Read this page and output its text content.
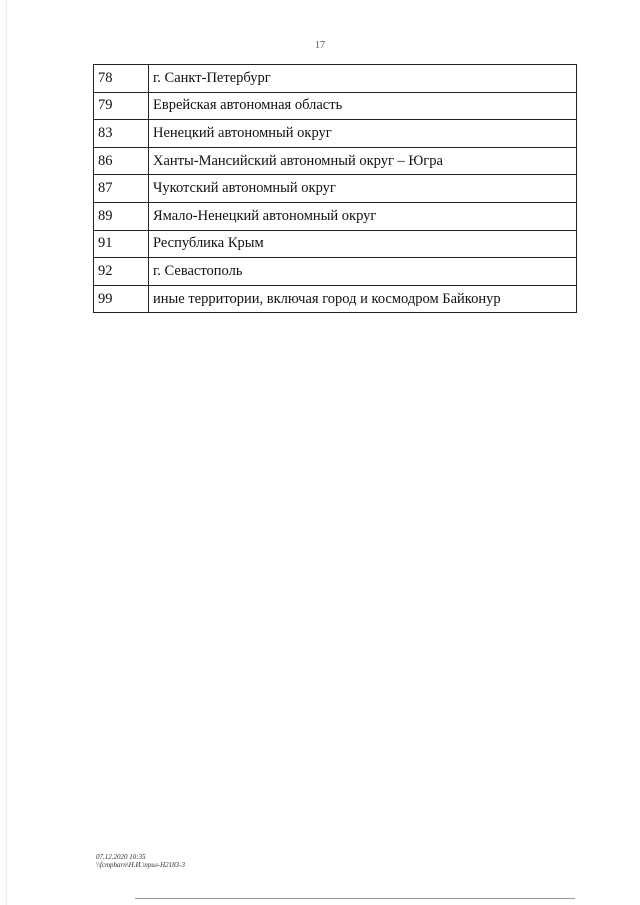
17
78	г. Санкт-Петербург
79	Еврейская автономная область
83	Ненецкий автономный округ
86	Ханты-Мансийский автономный округ – Югра
87	Чукотский автономный округ
89	Ямало-Ненецкий автономный округ
91	Республика Крым
92	г. Севастополь
99	иные территории, включая город и космодром Байконур
07.12.2020 10:35
\\fcmpbarn\Н.И.\прил-Н2183-3
